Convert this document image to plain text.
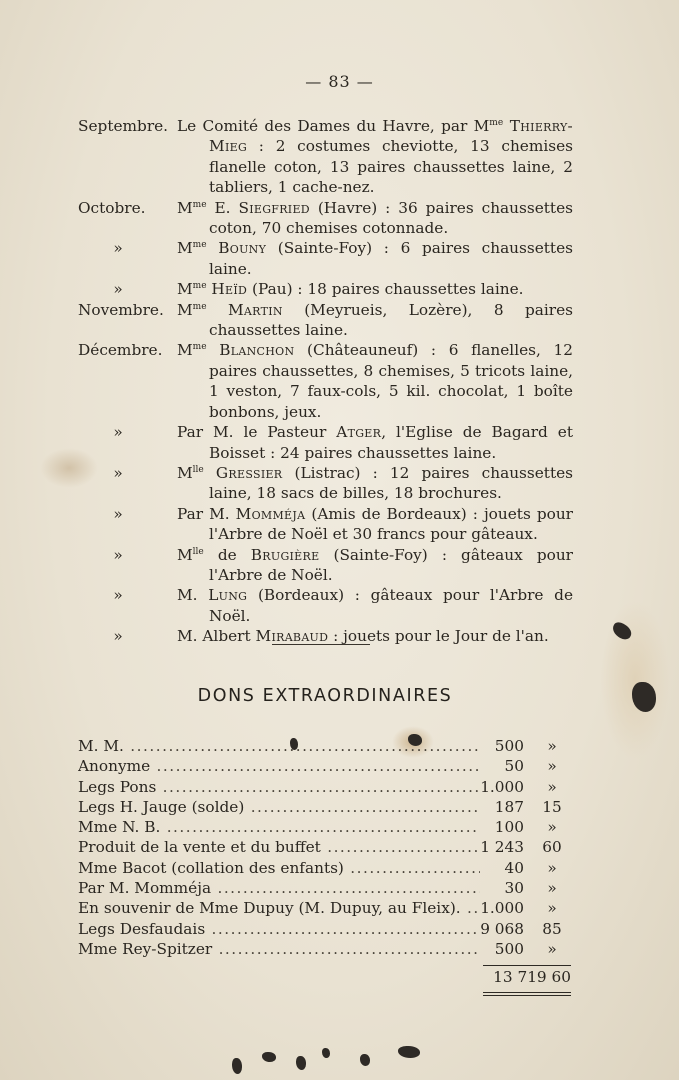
— 83 —
Septembre. Le Comité des Dames du Havre, par $M^{me}$ Thierry-Mieg : 2 costumes cheviotte, 13 chemises flanelle coton, 13 paires chaussettes laine, 2 tabliers, 1 cache-nez.
Octobre.	$M^{me}$ E. Siegfried (Havre) : 36 paires chaussettes coton, 70 chemises cotonnade.
»	$M^{me}$ Bouny (Sainte-Foy) : 6 paires chaussettes laine.
»	$M^{me}$ Heïd (Pau) : 18 paires chaussettes laine.
Novembre. $M^{me}$ Martin (Meyrueis, Lozère), 8 paires chaussettes laine.
Décembre. $M^{me}$ Blanchon (Châteauneuf) : 6 flanelles, 12 paires chaussettes, 8 chemises, 5 tricots laine, 1 veston, 7 faux-cols, 5 kil. chocolat, 1 boîte bonbons, jeux.
»	Par M. le Pasteur Atger, l'Eglise de Bagard et Boisset : 24 paires chaussettes laine.
»	$M^{lle}$ Gressier (Listrac) : 12 paires chaussettes laine, 18 sacs de billes, 18 brochures.
»	Par M. Momméja (Amis de Bordeaux) : jouets pour l'Arbre de Noël et 30 francs pour gâteaux.
»	$M^{lle}$ de Brugière (Sainte-Foy) : gâteaux pour l'Arbre de Noël.
»	M. Lung (Bordeaux) : gâteaux pour l'Arbre de Noël.
»	M. Albert Mirabaud : jouets pour le Jour de l'an.
DONS EXTRAORDINAIRES
M. M. .....	500	»
Anonyme .....	50	»
Legs Pons .....	1.000	»
Legs H. Jauge (solde) .....	187	15
Mme N. B. .....	100	»
Produit de la vente et du buffet .....	1 243	60
Mme Bacot (collation des enfants) .....	40	»
Par M. Momméja .....	30	»
En souvenir de Mme Dupuy (M. Dupuy, au Fleix). .....	1.000	»
Legs Desfaudais .....	9 068	85
Mme Rey-Spitzer .....	500	»
13 719 60
